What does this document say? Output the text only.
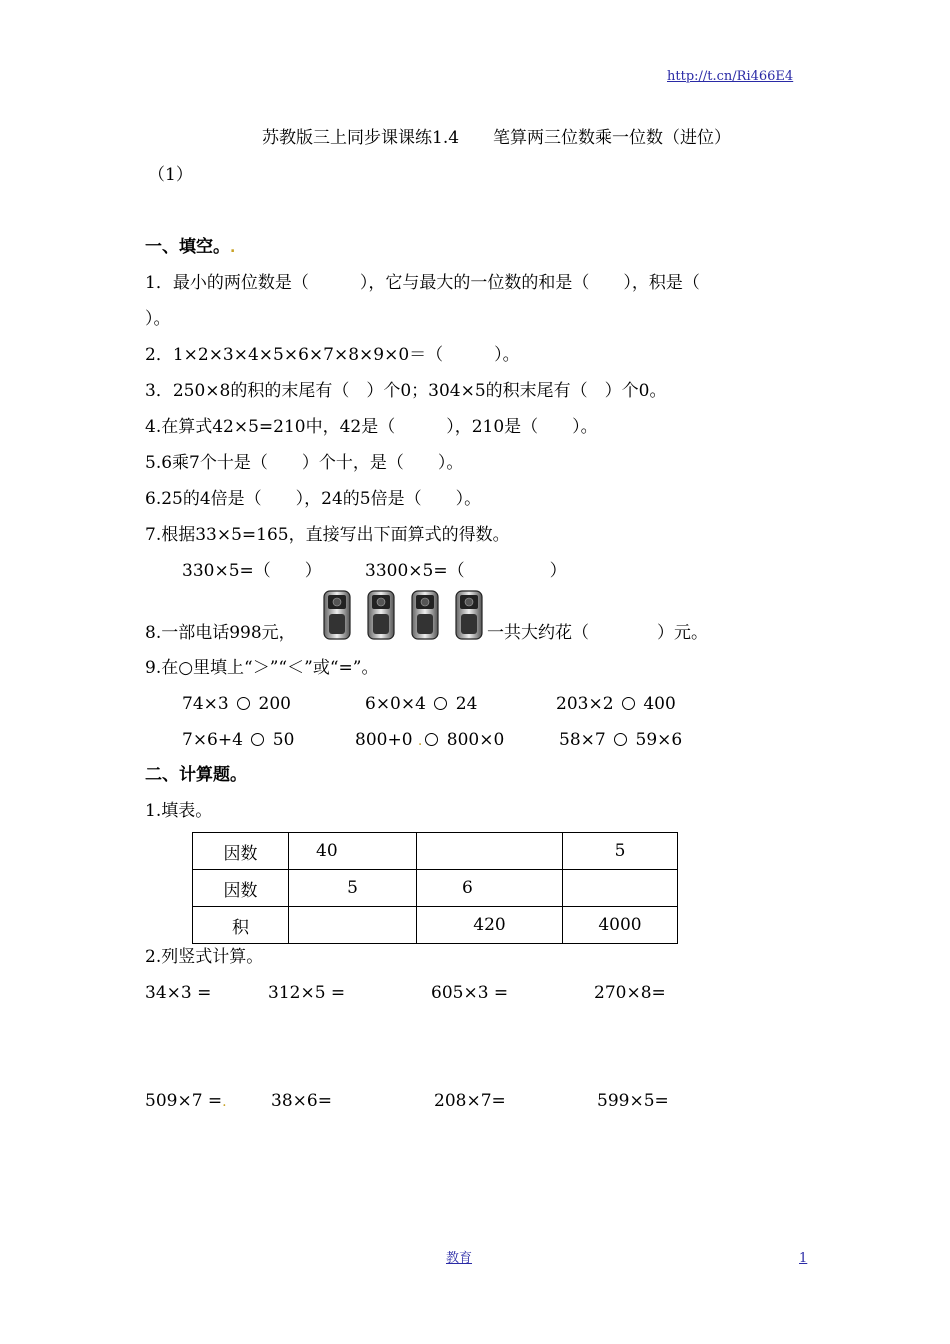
http://t.cn/Ri466E4
苏教版三上同步课课练1.4　　笔算两三位数乘一位数（进位）
（1）
一、填空。.
1．最小的两位数是（　　　），它与最大的一位数的和是（　　），积是（
）。
2．1×2×3×4×5×6×7×8×9×0＝（　　　）。
3．250×8的积的末尾有（　）个0；304×5的积末尾有（　）个0。
4.在算式42×5=210中，42是（　　　），210是（　　）。
5.6乘7个十是（　　）个十，是（　　）。
6.25的4倍是（　　），24的5倍是（　　）。
7.根据33×5=165，直接写出下面算式的得数。
330×5=（　　）	3300×5=（　　　　　）
8.一部电话998元，	一共大约花（　　　　）元。
9.在○里填上“＞”“＜”或“=”。
74×3 200	6×0×4 24	203×2 400
7×6+4 50	800+0 . 800×0	58×7 59×6
二、计算题。
1.填表。
因数	40		5
因数	5	6	
积		420	4000
2.列竖式计算。
34×3 =	312×5 =	605×3 =	270×8=
509×7 =.	38×6=	208×7=	599×5=
教育	1
